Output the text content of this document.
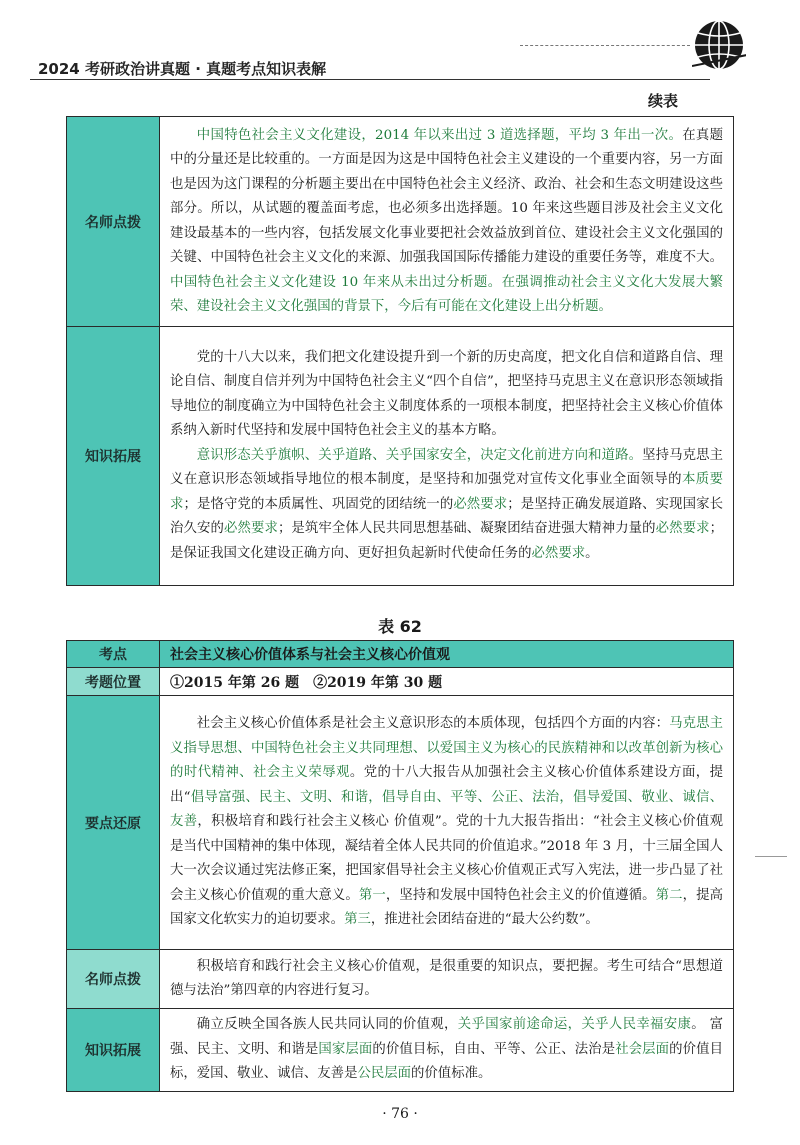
2024 考研政治讲真题 · 真题考点知识表解
续表
名师点拨	中国特色社会主义文化建设，2014 年以来出过 3 道选择题，平均 3 年出一次。在真题中的分量还是比较重的。一方面是因为这是中国特色社会主义建设的一个重要内容，另一方面也是因为这门课程的分析题主要出在中国特色社会主义经济、政治、社会和生态文明建设这些部分。所以，从试题的覆盖面考虑，也必须多出选择题。10 年来这些题目涉及社会主义文化建设最基本的一些内容，包括发展文化事业要把社会效益放到首位、建设社会主义文化强国的关键、中国特色社会主义文化的来源、加强我国国际传播能力建设的重要任务等，难度不大。中国特色社会主义文化建设 10 年来从未出过分析题。在强调推动社会主义文化大发展大繁荣、建设社会主义文化强国的背景下，今后有可能在文化建设上出分析题。

知识拓展	党的十八大以来，我们把文化建设提升到一个新的历史高度，把文化自信和道路自信、理论自信、制度自信并列为中国特色社会主义“四个自信”，把坚持马克思主义在意识形态领域指导地位的制度确立为中国特色社会主义制度体系的一项根本制度，把坚持社会主义核心价值体系纳入新时代坚持和发展中国特色社会主义的基本方略。

意识形态关乎旗帜、关乎道路、关乎国家安全，决定文化前进方向和道路。坚持马克思主义在意识形态领域指导地位的根本制度，是坚持和加强党对宣传文化事业全面领导的本质要求；是恪守党的本质属性、巩固党的团结统一的必然要求；是坚持正确发展道路、实现国家长治久安的必然要求；是筑牢全体人民共同思想基础、凝聚团结奋进强大精神力量的必然要求；是保证我国文化建设正确方向、更好担负起新时代使命任务的必然要求。

表 62
考点	社会主义核心价值体系与社会主义核心价值观
考题位置	①2015 年第 26 题　②2019 年第 30 题
要点还原	社会主义核心价值体系是社会主义意识形态的本质体现，包括四个方面的内容：马克思主义指导思想、中国特色社会主义共同理想、以爱国主义为核心的民族精神和以改革创新为核心的时代精神、社会主义荣辱观。党的十八大报告从加强社会主义核心价值体系建设方面，提出“倡导富强、民主、文明、和谐，倡导自由、平等、公正、法治，倡导爱国、敬业、诚信、友善，积极培育和践行社会主义核心 价值观”。党的十九大报告指出：“社会主义核心价值观是当代中国精神的集中体现，凝结着全体人民共同的价值追求。”2018 年 3 月，十三届全国人大一次会议通过宪法修正案，把国家倡导社会主义核心价值观正式写入宪法，进一步凸显了社会主义核心价值观的重大意义。第一，坚持和发展中国特色社会主义的价值遵循。第二，提高国家文化软实力的迫切要求。第三，推进社会团结奋进的“最大公约数”。

名师点拨	积极培育和践行社会主义核心价值观，是很重要的知识点，要把握。考生可结合“思想道德与法治”第四章的内容进行复习。

知识拓展	确立反映全国各族人民共同认同的价值观，关乎国家前途命运，关乎人民幸福安康。 富强、民主、文明、和谐是国家层面的价值目标，自由、平等、公正、法治是社会层面的价值目标，爱国、敬业、诚信、友善是公民层面的价值标准。

· 76 ·
